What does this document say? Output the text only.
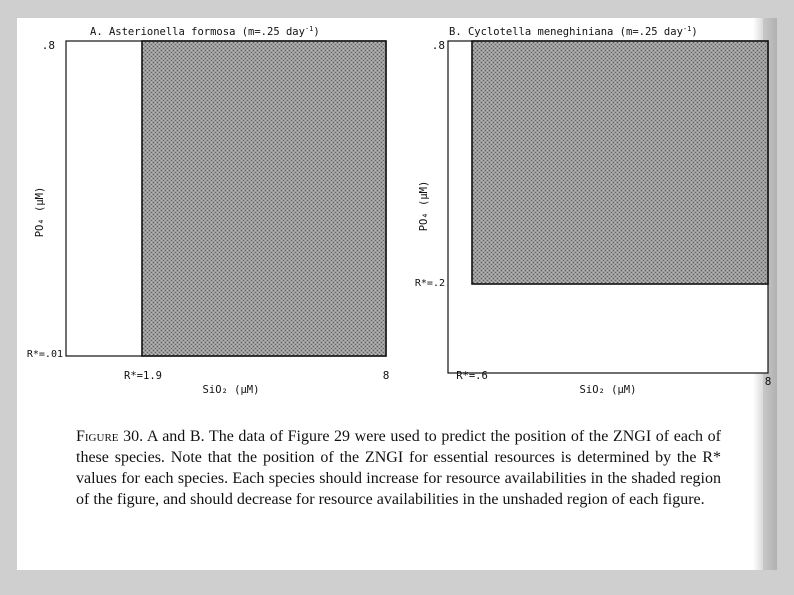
A. Asterionella formosa (m=.25 day$^{-1}$)
.8
R*=.01
PO₄ (μM)
R*=1.9	8
SiO₂ (μM)
B. Cyclotella meneghiniana (m=.25 day$^{-1}$)
.8
R*=.2
PO₄ (μM)
R*=.6	8
SiO₂ (μM)

Figure 30. A and B. The data of Figure 29 were used to predict the position of the ZNGI of each of these species. Note that the position of the ZNGI for essential resources is determined by the R* values for each species. Each species should increase for resource availabilities in the shaded region of the figure, and should decrease for resource availabilities in the unshaded region of each figure.
